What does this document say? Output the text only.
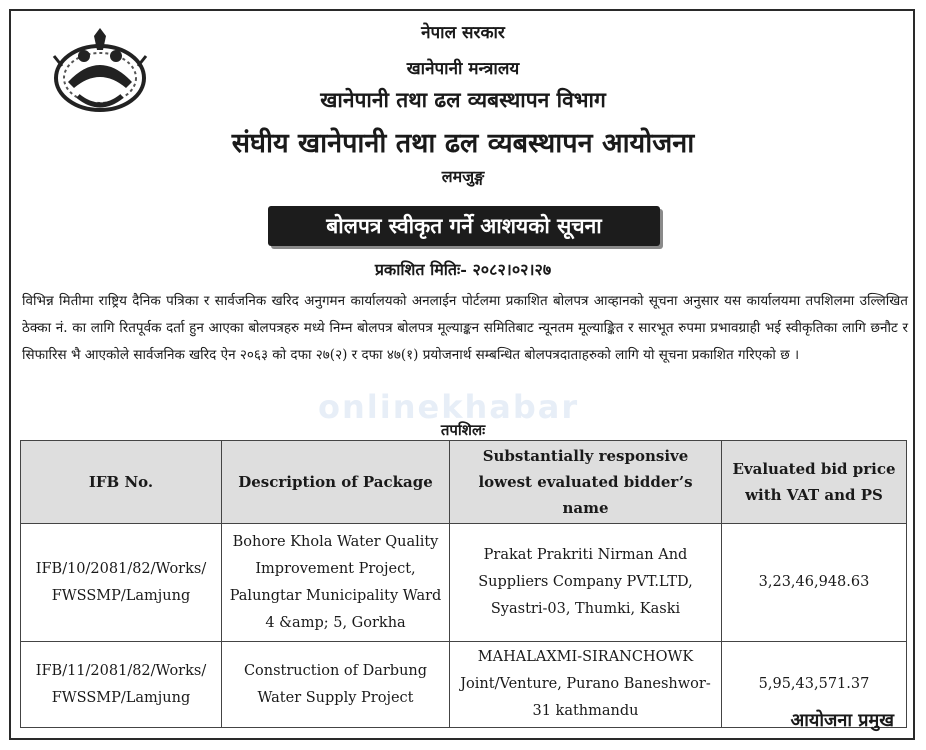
नेपाल सरकार
खानेपानी मन्त्रालय
खानेपानी तथा ढल व्यबस्थापन विभाग
संघीय खानेपानी तथा ढल व्यबस्थापन आयोजना
लमजुङ्ग
बोलपत्र स्वीकृत गर्ने आशयको सूचना
प्रकाशित मितिः- २०८२।०२।२७

विभिन्न मितीमा राष्ट्रिय दैनिक पत्रिका र सार्वजनिक खरिद अनुगमन कार्यालयको अनलाईन पोर्टलमा प्रकाशित बोलपत्र आव्हानको सूचना अनुसार यस कार्यालयमा तपशिलमा उल्लिखित ठेक्का नं. का लागि रितपूर्वक दर्ता हुन आएका बोलपत्रहरु मध्ये निम्न बोलपत्र बोलपत्र मूल्याङ्कन समितिबाट न्यूनतम मूल्याङ्कित र सारभूत रुपमा प्रभावग्राही भई स्वीकृतिका लागि छनौट र सिफारिस भै आएकोले सार्वजनिक खरिद ऐन २०६३ को दफा २७(२) र दफा ४७(१) प्रयोजनार्थ सम्बन्धित बोलपत्रदाताहरुको लागि यो सूचना प्रकाशित गरिएको छ ।

onlinekhabar
तपशिलः
IFB No.	Description of Package	Substantially responsive lowest evaluated bidder’s name	Evaluated bid price with VAT and PS
IFB/10/2081/82/Works/ FWSSMP/Lamjung	Bohore Khola Water Quality Improvement Project, Palungtar Municipality Ward 4 &amp; 5, Gorkha	Prakat Prakriti Nirman And Suppliers Company PVT.LTD, Syastri-03, Thumki, Kaski	3,23,46,948.63
IFB/11/2081/82/Works/ FWSSMP/Lamjung	Construction of Darbung Water Supply Project	MAHALAXMI-SIRANCHOWK Joint/Venture, Purano Baneshwor-31 kathmandu	5,95,43,571.37
आयोजना प्रमुख
